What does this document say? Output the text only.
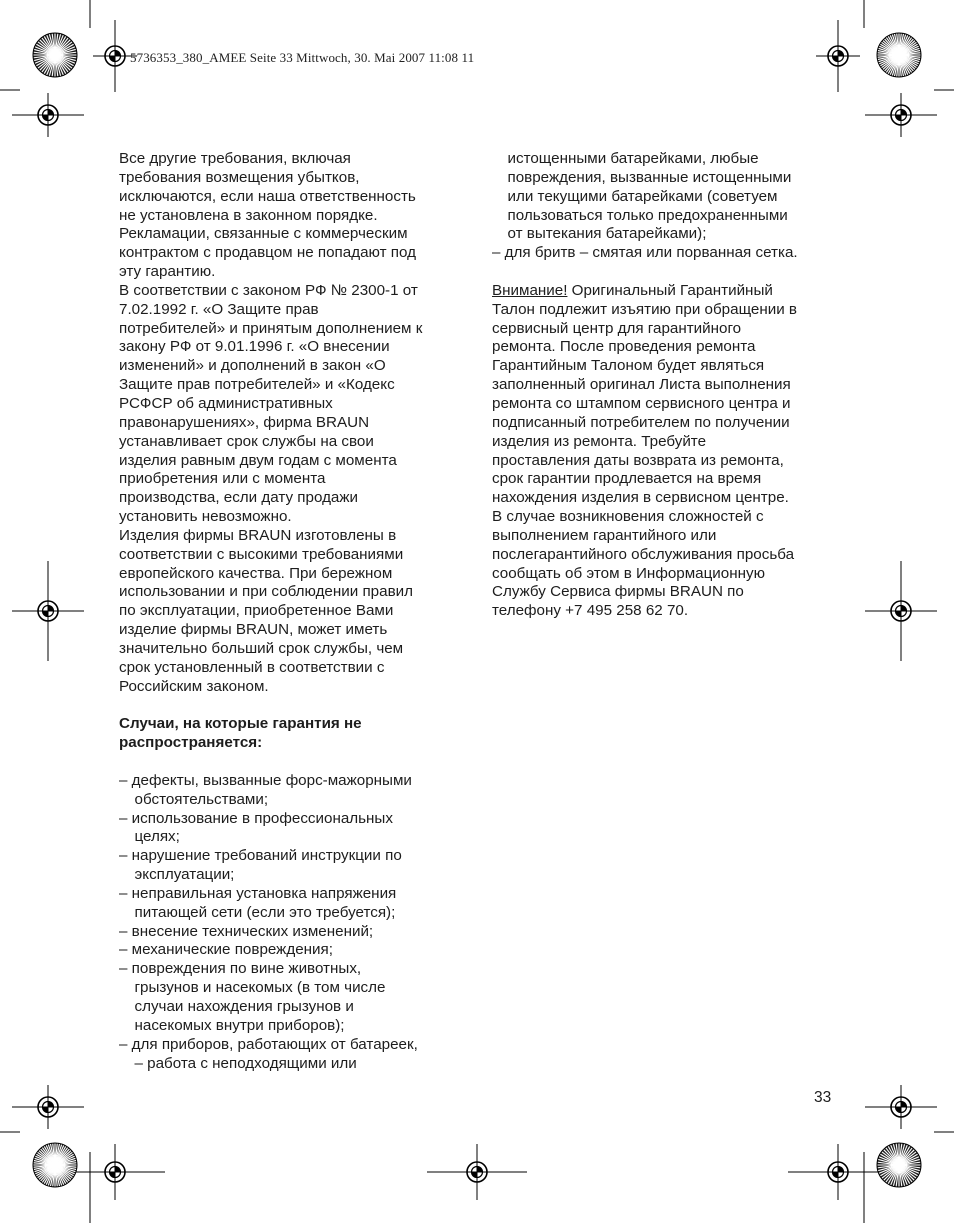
5736353_380_AMEE Seite 33 Mittwoch, 30. Mai 2007 11:08 11
Все другие требования, включая
требования возмещения убытков,
исключаются, если наша ответственность
не установлена в законном порядке.
Рекламации, связанные с коммерческим
контрактом с продавцом не попадают под
эту гарантию.
В соответствии с законом РФ № 2300-1 от
7.02.1992 г. «О Защите прав
потребителей» и принятым дополнением к
закону РФ от 9.01.1996 г. «О внесении
изменений» и дополнений в закон «О
Защите прав потребителей» и «Кодекс
РСФСР об административных
правонарушениях», фирма BRAUN
устанавливает срок службы на свои
изделия равным двум годам с момента
приобретения или с момента
производства, если дату продажи
установить невозможно.
Изделия фирмы BRAUN изготовлены в
соответствии с высокими требованиями
европейского качества. При бережном
использовании и при соблюдении правил
по эксплуатации, приобретенное Вами
изделие фирмы BRAUN, может иметь
значительно больший срок службы, чем
срок установленный в соответствии с
Российским законом.
Случаи, на которые гарантия не
распространяется:
– дефекты, вызванные форс-мажорными
обстоятельствами;
– использование в профессиональных
целях;
– нарушение требований инструкции по
эксплуатации;
– неправильная установка напряжения
питающей сети (если это требуется);
– внесение технических изменений;
– механические повреждения;
– повреждения по вине животных,
грызунов и насекомых (в том числе
случаи нахождения грызунов и
насекомых внутри приборов);
– для приборов, работающих от батареек,
– работа с неподходящими или
истощенными батарейками, любые
повреждения, вызванные истощенными
или текущими батарейками (советуем
пользоваться только предохраненными
от вытекания батарейками);
– для бритв – смятая или порванная сетка.
Внимание! Оригинальный Гарантийный
Талон подлежит изъятию при обращении в
сервисный центр для гарантийного
ремонта. После проведения ремонта
Гарантийным Талоном будет являться
заполненный оригинал Листа выполнения
ремонта со штампом сервисного центра и
подписанный потребителем по получении
изделия из ремонта. Требуйте
проставления даты возврата из ремонта,
срок гарантии продлевается на время
нахождения изделия в сервисном центре.
В случае возникновения сложностей с
выполнением гарантийного или
послегарантийного обслуживания просьба
сообщать об этом в Информационную
Службу Сервиса фирмы BRAUN по
телефону +7 495 258 62 70.
33
